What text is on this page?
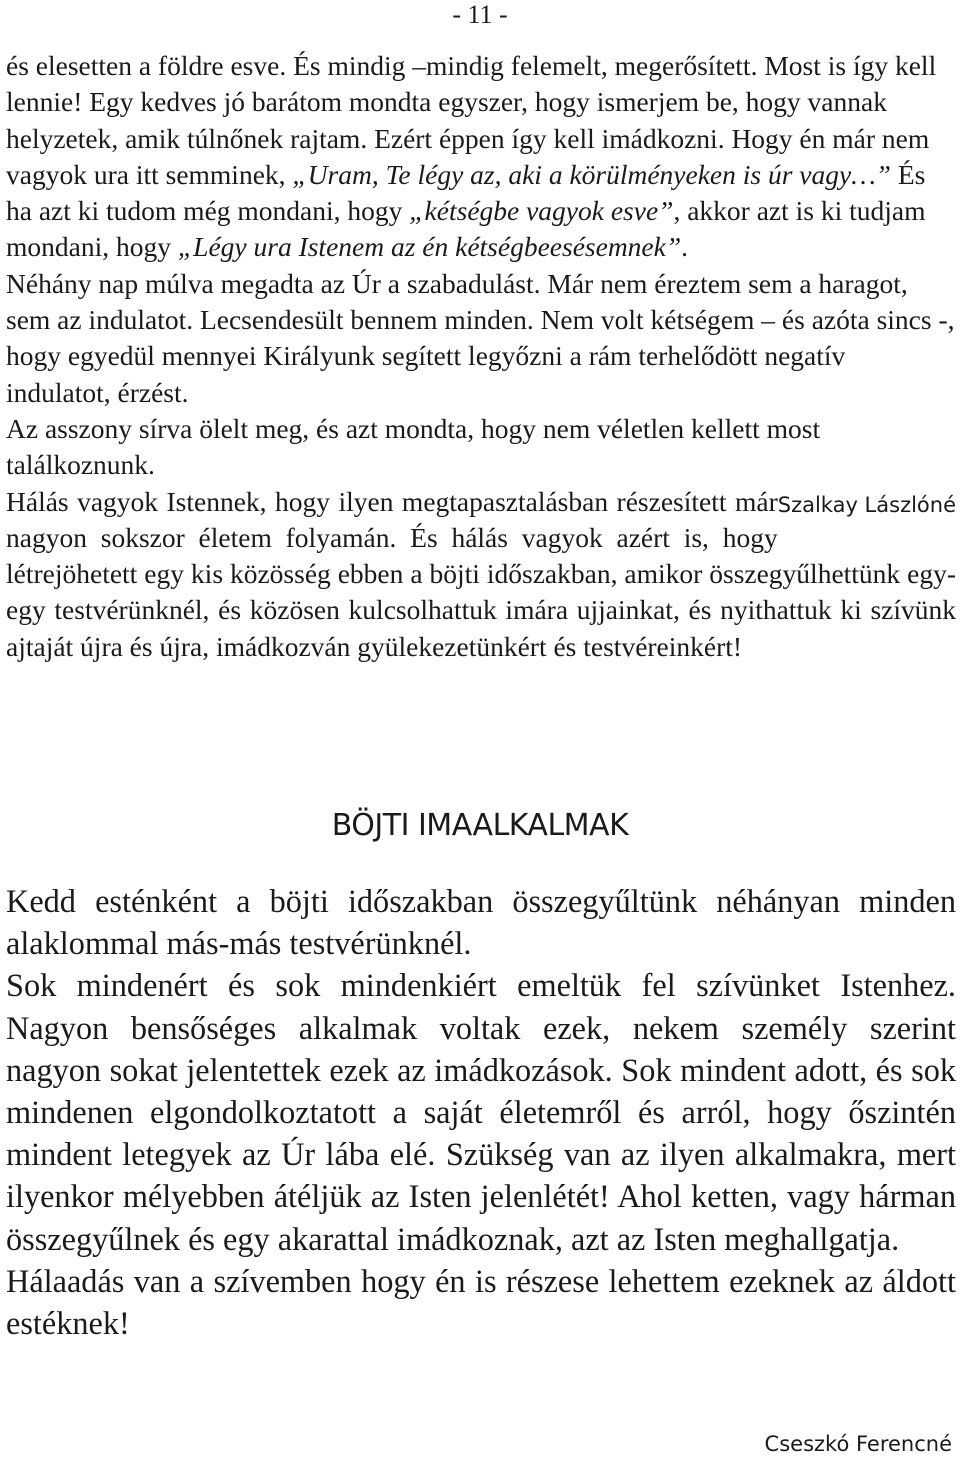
- 11 -

és elesetten a földre esve. És mindig –mindig felemelt, megerősített. Most is így kell lennie! Egy kedves jó barátom mondta egyszer, hogy ismerjem be, hogy vannak helyzetek, amik túlnőnek rajtam. Ezért éppen így kell imádkozni. Hogy én már nem vagyok ura itt semminek, „Uram, Te légy az, aki a körülményeken is úr vagy…” És ha azt ki tudom még mondani, hogy „kétségbe vagyok esve”, akkor azt is ki tudjam mondani, hogy „Légy ura Istenem az én kétségbeesésemnek”.

Néhány nap múlva megadta az Úr a szabadulást. Már nem éreztem sem a haragot, sem az indulatot. Lecsendesült bennem minden. Nem volt kétségem – és azóta sincs -, hogy egyedül mennyei Királyunk segített legyőzni a rám terhelődött negatív indulatot, érzést.

Az asszony sírva ölelt meg, és azt mondta, hogy nem véletlen kellett most találkoznunk.

Szalkay Lászlóné
Hálás vagyok Istennek, hogy ilyen megtapasztalásban részesített már nagyon sokszor életem folyamán. És hálás vagyok azért is, hogy létrejöhetett egy kis közösség ebben a böjti időszakban, amikor összegyűlhettünk egy-egy testvérünknél, és közösen kulcsolhattuk imára ujjainkat, és nyithattuk ki szívünk ajtaját újra és újra, imádkozván gyülekezetünkért és testvéreinkért!

BÖJTI IMAALKALMAK

Kedd esténként a böjti időszakban összegyűltünk néhányan minden alaklommal más-más testvérünknél.

Sok mindenért és sok mindenkiért emeltük fel szívünket Istenhez. Nagyon bensőséges alkalmak voltak ezek, nekem személy szerint nagyon sokat jelentettek ezek az imádkozások. Sok mindent adott, és sok mindenen elgondolkoztatott a saját életemről és arról, hogy őszintén mindent letegyek az Úr lába elé. Szükség van az ilyen alkalmakra, mert ilyenkor mélyebben átéljük az Isten jelenlétét! Ahol ketten, vagy hárman összegyűlnek és egy akarattal imádkoznak, azt az Isten meghallgatja.

Hálaadás van a szívemben hogy én is részese lehettem ezeknek az áldott estéknek!

Cseszkó Ferencné
